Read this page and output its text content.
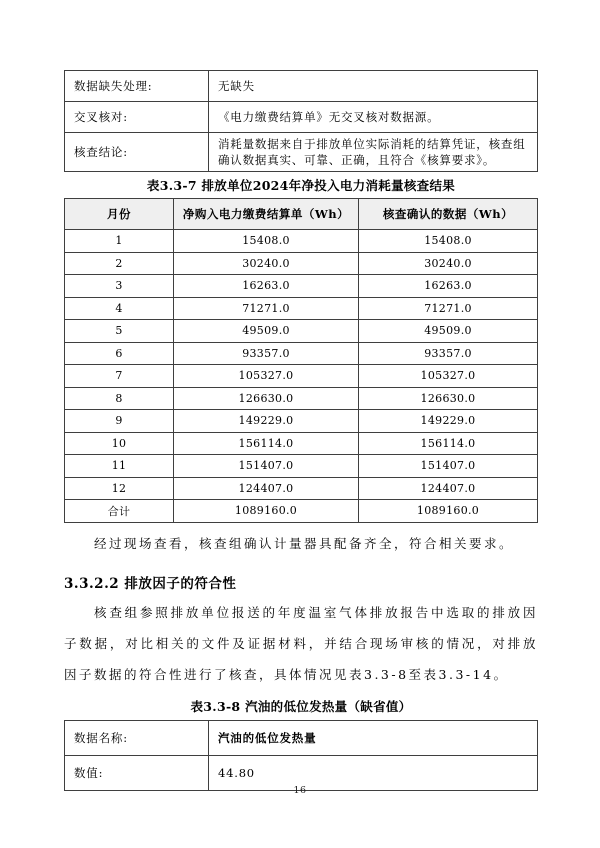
数据缺失处理:	无缺失
交叉核对:	《电力缴费结算单》无交叉核对数据源。
核查结论:	消耗量数据来自于排放单位实际消耗的结算凭证，核查组确认数据真实、可靠、正确，且符合《核算要求》。
表3.3-7 排放单位2024年净投入电力消耗量核查结果
月份	净购入电力缴费结算单（Wh）	核查确认的数据（Wh）
1	15408.0	15408.0
2	30240.0	30240.0
3	16263.0	16263.0
4	71271.0	71271.0
5	49509.0	49509.0
6	93357.0	93357.0
7	105327.0	105327.0
8	126630.0	126630.0
9	149229.0	149229.0
10	156114.0	156114.0
11	151407.0	151407.0
12	124407.0	124407.0
合计	1089160.0	1089160.0

经过现场查看，核查组确认计量器具配备齐全，符合相关要求。

3.3.2.2 排放因子的符合性

核查组参照排放单位报送的年度温室气体排放报告中选取的排放因子数据，对比相关的文件及证据材料，并结合现场审核的情况，对排放因子数据的符合性进行了核查，具体情况见表3.3-8至表3.3-14。

表3.3-8 汽油的低位发热量（缺省值）
数据名称:	汽油的低位发热量
数值:	44.80
16
